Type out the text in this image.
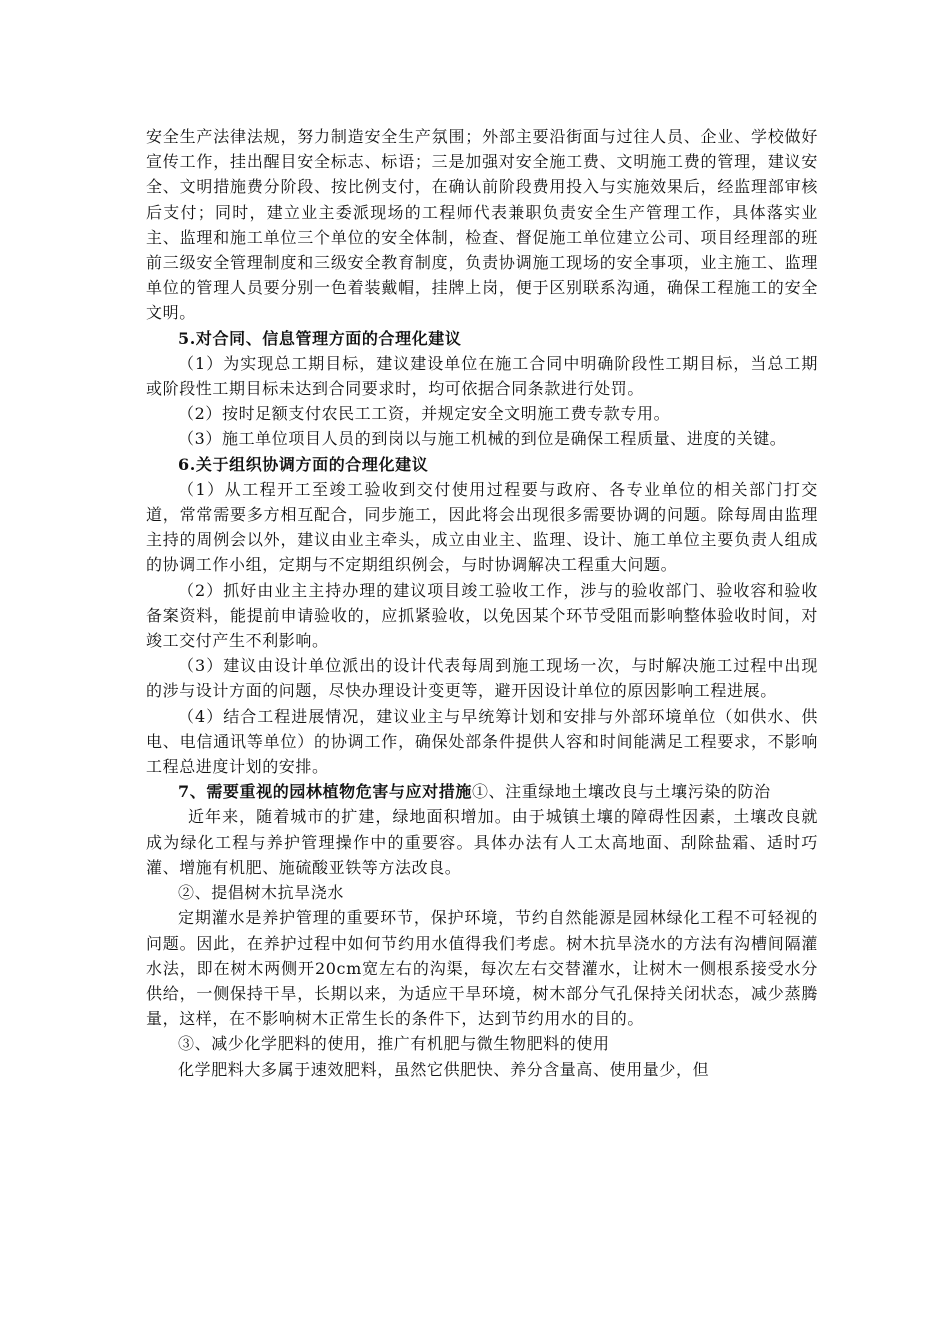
安全生产法律法规，努力制造安全生产氛围；外部主要沿街面与过往人员、企业、学校做好宣传工作，挂出醒目安全标志、标语；三是加强对安全施工费、文明施工费的管理，建议安全、文明措施费分阶段、按比例支付，在确认前阶段费用投入与实施效果后，经监理部审核后支付；同时，建立业主委派现场的工程师代表兼职负责安全生产管理工作，具体落实业主、监理和施工单位三个单位的安全体制，检查、督促施工单位建立公司、项目经理部的班前三级安全管理制度和三级安全教育制度，负责协调施工现场的安全事项，业主施工、监理单位的管理人员要分别一色着装戴帽，挂牌上岗，便于区别联系沟通，确保工程施工的安全文明。

5.对合同、信息管理方面的合理化建议

（1）为实现总工期目标，建议建设单位在施工合同中明确阶段性工期目标，当总工期或阶段性工期目标未达到合同要求时，均可依据合同条款进行处罚。

（2）按时足额支付农民工工资，并规定安全文明施工费专款专用。

（3）施工单位项目人员的到岗以与施工机械的到位是确保工程质量、进度的关键。

6.关于组织协调方面的合理化建议

（1）从工程开工至竣工验收到交付使用过程要与政府、各专业单位的相关部门打交道，常常需要多方相互配合，同步施工，因此将会出现很多需要协调的问题。除每周由监理主持的周例会以外，建议由业主牵头，成立由业主、监理、设计、施工单位主要负责人组成的协调工作小组，定期与不定期组织例会，与时协调解决工程重大问题。

（2）抓好由业主主持办理的建议项目竣工验收工作，涉与的验收部门、验收容和验收备案资料，能提前申请验收的，应抓紧验收，以免因某个环节受阻而影响整体验收时间，对竣工交付产生不利影响。

（3）建议由设计单位派出的设计代表每周到施工现场一次，与时解决施工过程中出现的涉与设计方面的问题，尽快办理设计变更等，避开因设计单位的原因影响工程进展。

（4）结合工程进展情况，建议业主与早统筹计划和安排与外部环境单位（如供水、供电、电信通讯等单位）的协调工作，确保处部条件提供人容和时间能满足工程要求，不影响工程总进度计划的安排。

7、需要重视的园林植物危害与应对措施①、注重绿地土壤改良与土壤污染的防治

近年来，随着城市的扩建，绿地面积增加。由于城镇土壤的障碍性因素，土壤改良就成为绿化工程与养护管理操作中的重要容。具体办法有人工太高地面、刮除盐霜、适时巧灌、增施有机肥、施硫酸亚铁等方法改良。

②、提倡树木抗旱浇水

定期灌水是养护管理的重要环节，保护环境，节约自然能源是园林绿化工程不可轻视的问题。因此，在养护过程中如何节约用水值得我们考虑。树木抗旱浇水的方法有沟槽间隔灌水法，即在树木两侧开20cm宽左右的沟渠，每次左右交替灌水，让树木一侧根系接受水分供给，一侧保持干旱，长期以来，为适应干旱环境，树木部分气孔保持关闭状态，减少蒸腾量，这样，在不影响树木正常生长的条件下，达到节约用水的目的。

③、减少化学肥料的使用，推广有机肥与微生物肥料的使用

化学肥料大多属于速效肥料，虽然它供肥快、养分含量高、使用量少，但
